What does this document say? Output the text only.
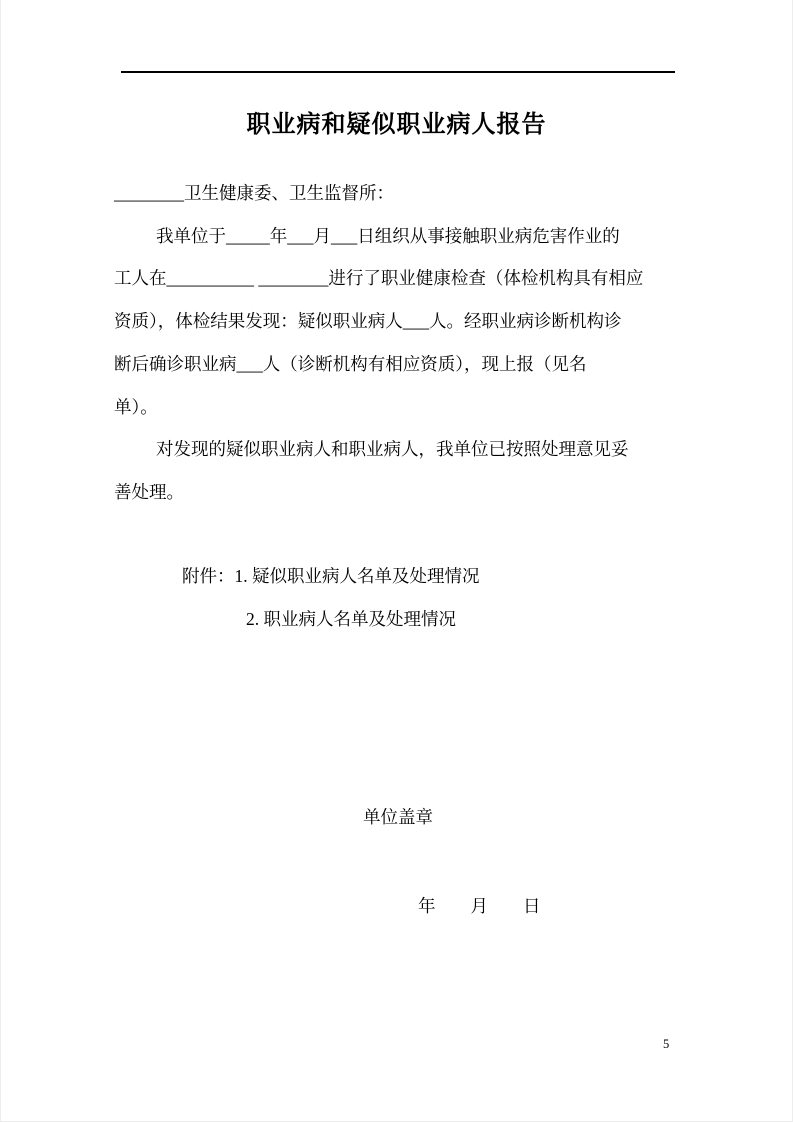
职业病和疑似职业病人报告
________卫生健康委、卫生监督所：
我单位于_____年___月___日组织从事接触职业病危害作业的
工人在__________ ________进行了职业健康检查（体检机构具有相应
资质），体检结果发现：疑似职业病人___人。经职业病诊断机构诊
断后确诊职业病___人（诊断机构有相应资质），现上报（见名
单）。
对发现的疑似职业病人和职业病人，我单位已按照处理意见妥
善处理。
附件：1. 疑似职业病人名单及处理情况
2. 职业病人名单及处理情况
单位盖章
年　　月　　日
5
